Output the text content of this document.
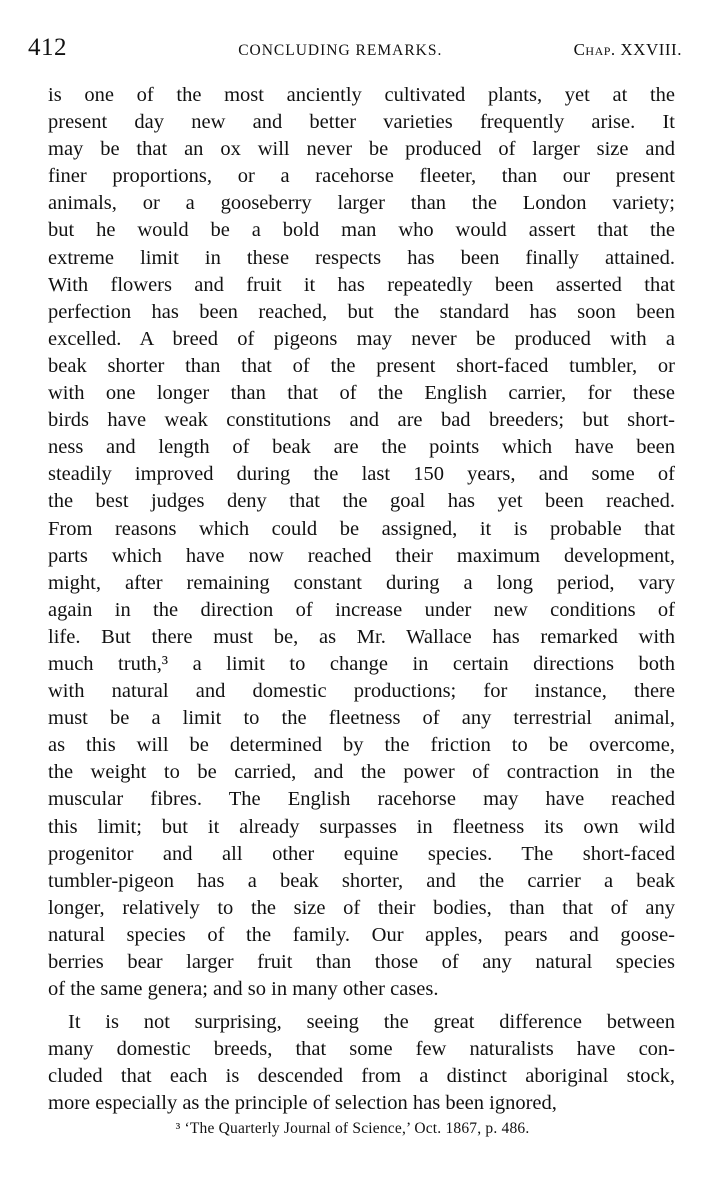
412	CONCLUDING REMARKS.	Chap. XXVIII.
is one of the most anciently cultivated plants, yet at the
present day new and better varieties frequently arise. It
may be that an ox will never be produced of larger size and
finer proportions, or a racehorse fleeter, than our present
animals, or a gooseberry larger than the London variety;
but he would be a bold man who would assert that the
extreme limit in these respects has been finally attained.
With flowers and fruit it has repeatedly been asserted that
perfection has been reached, but the standard has soon been
excelled. A breed of pigeons may never be produced with a
beak shorter than that of the present short-faced tumbler, or
with one longer than that of the English carrier, for these
birds have weak constitutions and are bad breeders; but short-
ness and length of beak are the points which have been
steadily improved during the last 150 years, and some of
the best judges deny that the goal has yet been reached.
From reasons which could be assigned, it is probable that
parts which have now reached their maximum development,
might, after remaining constant during a long period, vary
again in the direction of increase under new conditions of
life. But there must be, as Mr. Wallace has remarked with
much truth,³ a limit to change in certain directions both
with natural and domestic productions; for instance, there
must be a limit to the fleetness of any terrestrial animal,
as this will be determined by the friction to be overcome,
the weight to be carried, and the power of contraction in the
muscular fibres. The English racehorse may have reached
this limit; but it already surpasses in fleetness its own wild
progenitor and all other equine species. The short-faced
tumbler-pigeon has a beak shorter, and the carrier a beak
longer, relatively to the size of their bodies, than that of any
natural species of the family. Our apples, pears and goose-
berries bear larger fruit than those of any natural species
of the same genera; and so in many other cases.
It is not surprising, seeing the great difference between
many domestic breeds, that some few naturalists have con-
cluded that each is descended from a distinct aboriginal stock,
more especially as the principle of selection has been ignored,
³ ‘The Quarterly Journal of Science,’ Oct. 1867, p. 486.
